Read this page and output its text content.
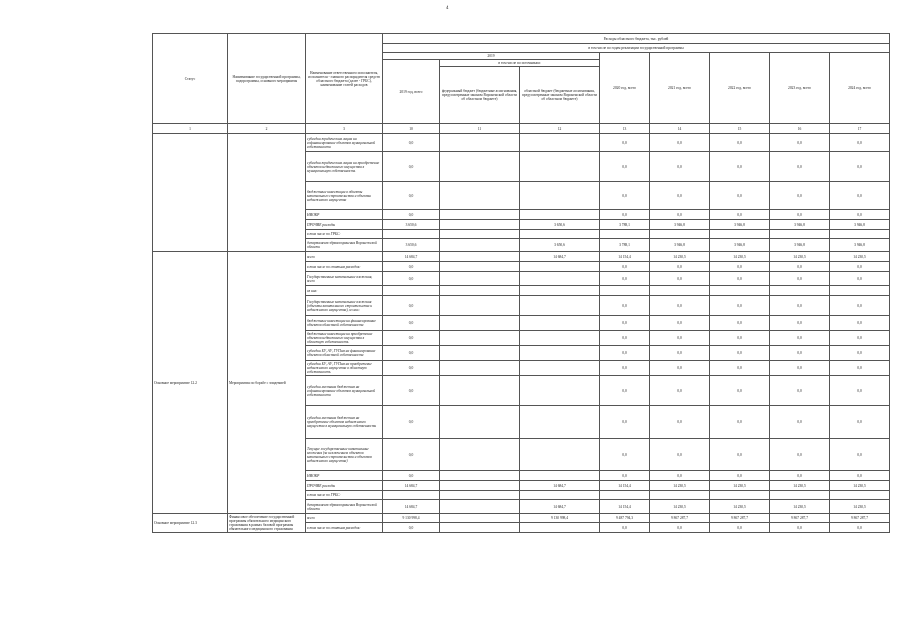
4
Статус	Наименование государственной программы, подпрограммы, основного мероприятия	Наименование ответственного исполнителя, исполнителя - главного распорядителя средств областного бюджета (далее - ГРБС), наименование статей расходов	Расходы областного бюджета, тыс. рублей							
			в том числе по годам реализации государственной программы							
			2019			2020 год, всего	2021 год, всего	2022 год, всего	2023 год, всего	2024 год, всего
			2019 год, всего	в том числе по источникам:						
				федеральный бюджет (бюджетные ассигнования, предусмотренные законом Воронежской области об областном бюджете)	областной бюджет (бюджетные ассигнования, предусмотренные законом Воронежской области об областном бюджете)					
1	2	3	10	11	12	13	14	15	16	17
		субсидии юридическим лицам на софинансирование объектов муниципальной собственности	0,0			0,0	0,0	0,0	0,0	0,0
		субсидии юридическим лицам на приобретение объектов недвижимого имущества в муниципальную собственность	0,0			0,0	0,0	0,0	0,0	0,0
		бюджетные инвестиции в объекты капитального строительства и объекты недвижимого имущества	0,0			0,0	0,0	0,0	0,0	0,0
		НИОКР	0,0			0,0	0,0	0,0	0,0	0,0
		ПРОЧИЕ расходы	3 650,6		3 650,6	3 788,1	3 946,8	3 946,8	3 946,8	3 946,8
		в том числе по ГРБС:								
		департамент здравоохранения Воронежской области	3 650,6		3 650,6	3 788,1	3 946,8	3 946,8	3 946,8	3 946,8
Основное мероприятие 12.2	Мероприятия по борьбе с эпидемией	всего	14 684,7		14 684,7	14 154,4	14 230,5	14 230,5	14 230,5	14 230,5
		в том числе по статьям расходов:	0,0			0,0	0,0	0,0	0,0	0,0
		Государственные капитальные вложения, всего	0,0			0,0	0,0	0,0	0,0	0,0
		из них:								
		Государственные капитальные вложения (объекты капитального строительства и недвижимого имущества), из них:	0,0			0,0	0,0	0,0	0,0	0,0
		бюджетные инвестиции на финансирование объектов областной собственности	0,0			0,0	0,0	0,0	0,0	0,0
		бюджетные инвестиции на приобретение объектов недвижимого имущества в областную собственность	0,0			0,0	0,0	0,0	0,0	0,0
		субсидии БУ, АУ, ГУПам на финансирование объектов областной собственности	0,0			0,0	0,0	0,0	0,0	0,0
		субсидии БУ, АУ, ГУПам на приобретение недвижимого имущества в областную собственность	0,0			0,0	0,0	0,0	0,0	0,0
		субсидии местным бюджетам на софинансирование объектов муниципальной собственности	0,0			0,0	0,0	0,0	0,0	0,0
		субсидии местным бюджетам на приобретение объектов недвижимого имущества в муниципальную собственность	0,0			0,0	0,0	0,0	0,0	0,0
		Текущие государственные капитальные вложения (за исключением объектов капитального строительства и объектов недвижимого имущества)	0,0			0,0	0,0	0,0	0,0	0,0
		НИОКР	0,0			0,0	0,0	0,0	0,0	0,0
		ПРОЧИЕ расходы	14 684,7		14 684,7	14 154,4	14 230,5	14 230,5	14 230,5	14 230,5
		в том числе по ГРБС:								
		департамент здравоохранения Воронежской области	14 684,7		14 684,7	14 154,4	14 230,5	14 230,5	14 230,5	14 230,5
Основное мероприятие 12.3	Финансовое обеспечение государственной программы обязательного медицинского страхования в рамках базовой программы обязательного медицинского страхования	всего	9 130 998,4		9 130 998,4	9 487 794,3	9 867 287,7	9 867 287,7	9 867 287,7	9 867 287,7
		в том числе по статьям расходов:	0,0			0,0	0,0	0,0	0,0	0,0
